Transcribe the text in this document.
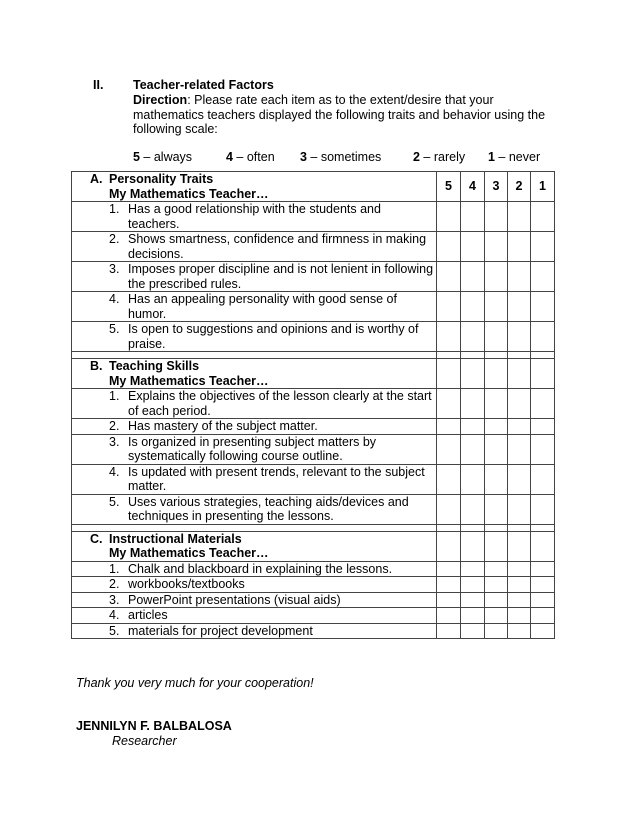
II. Teacher-related Factors
Direction: Please rate each item as to the extent/desire that your mathematics teachers displayed the following traits and behavior using the following scale:
5 – always	4 – often 3 – sometimes	2 – rarely 1 – never
A. Personality Traits
My Mathematics Teacher…	5	4	3	2	1

1. Has a good relationship with the students and teachers.					

2. Shows smartness, confidence and firmness in making decisions.					

3. Imposes proper discipline and is not lenient in following the prescribed rules.					

4. Has an appealing personality with good sense of humor.					

5. Is open to suggestions and opinions and is worthy of praise.					

B. Teaching Skills
My Mathematics Teacher…					

1. Explains the objectives of the lesson clearly at the start of each period.					

2. Has mastery of the subject matter.					

3. Is organized in presenting subject matters by systematically following course outline.					

4. Is updated with present trends, relevant to the subject matter.					

5. Uses various strategies, teaching aids/devices and techniques in presenting the lessons.					

C. Instructional Materials
My Mathematics Teacher…					

1. Chalk and blackboard in explaining the lessons.					

2. workbooks/textbooks					

3. PowerPoint presentations (visual aids)					

4. articles					

5. materials for project development					

Thank you very much for your cooperation!
JENNILYN F. BALBALOSA
Researcher
